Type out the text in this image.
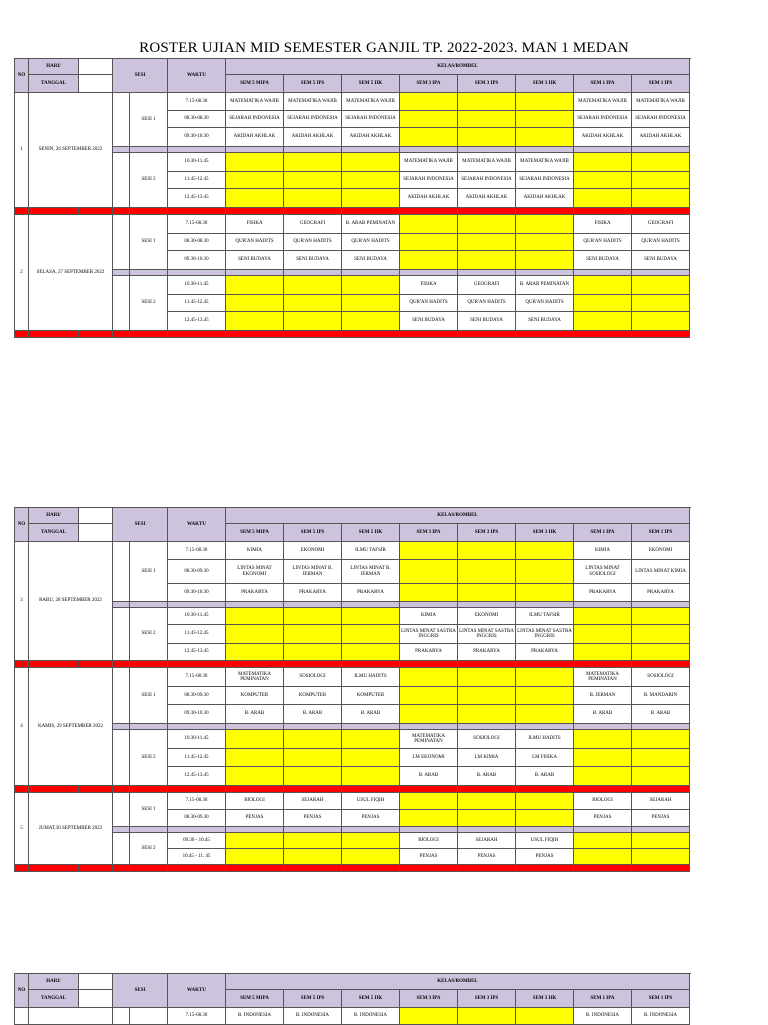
ROSTER UJIAN MID SEMESTER GANJIL TP. 2022-2023. MAN 1 MEDAN
NO	HARI/		SESI		WAKTU	KELAS/ROMBEL								
	TANGGAL					SEM 5 MIPA	SEM 5 IPS	SEM 5 IIK	SEM 3 IPA	SEM 3 IPS	SEM 3 IIK	SEM 1 IPA	SEM 1 IPS	
1	SENIN, 26 SEPTEMBER 2022			SESI 1	7.15-08.30	MATEMATIKA WAJIB	MATEMATIKA WAJIB	MATEMATIKA WAJIB				MATEMATIKA WAJIB	MATEMATIKA WAJIB	
					08.30-08.30	SEJARAH INDONESIA	SEJARAH INDONESIA	SEJARAH INDONESIA				SEJARAH INDONESIA	SEJARAH INDONESIA	
					09.30-10.30	AKIDAH AKHLAK	AKIDAH AKHLAK	AKIDAH AKHLAK				AKIDAH AKHLAK	AKIDAH AKHLAK	

				SESI 2	10.30-11.45				MATEMATIKA WAJIB	MATEMATIKA WAJIB	MATEMATIKA WAJIB			
					11.45-12.45				SEJARAH INDONESIA	SEJARAH INDONESIA	SEJARAH INDONESIA			
					12.45-13.45				AKIDAH AKHLAK	AKIDAH AKHLAK	AKIDAH AKHLAK			

2	SELASA, 27 SEPTEMBER 2022			SESI 1	7.15-08.30	FISIKA	GEOGRAFI	B. ARAB PEMINATAN				FISIKA	GEOGRAFI	
					08.30-08.30	QUR'AN HADITS	QUR'AN HADITS	QUR'AN HADITS				QUR'AN HADITS	QUR'AN HADITS	
					09.30-10.30	SENI BUDAYA	SENI BUDAYA	SENI BUDAYA				SENI BUDAYA	SENI BUDAYA	

				SESI 2	10.30-11.45				FISIKA	GEOGRAFI	B. ARAB PEMINATAN			
					11.45-12.45				QUR'AN HADITS	QUR'AN HADITS	QUR'AN HADITS			
					12.45-13.45				SENI BUDAYA	SENI BUDAYA	SENI BUDAYA			

NO	HARI/		SESI		WAKTU	KELAS/ROMBEL								
	TANGGAL					SEM 5 MIPA	SEM 5 IPS	SEM 5 IIK	SEM 3 IPA	SEM 3 IPS	SEM 3 IIK	SEM 1 IPA	SEM 1 IPS	
3	RABU, 28 SEPTEMBER 2022			SESI 1	7.15-08.30	KIMIA	EKONOMI	ILMU TAFSIR				KIMIA	EKONOMI	
					08.30-09.30	LINTAS MINAT EKONOMI	LINTAS MINAT B. JERMAN	LINTAS MINAT B. JERMAN				LINTAS MINAT SOSIOLOGI	LINTAS MINAT KIMIA	
					09.30-10.30	PRAKARYA	PRAKARYA	PRAKARYA				PRAKARYA	PRAKARYA	

				SESI 2	10.30-11.45				KIMIA	EKONOMI	ILMU TAFSIR			
					11.45-12.45				LINTAS MINAT SASTRA INGGRIS	LINTAS MINAT SASTRA INGGRIS	LINTAS MINAT SASTRA INGGRIS			
					12.45-13.45				PRAKARYA	PRAKARYA	PRAKARYA			

4	KAMIS, 29 SEPTEMBER 2022			SESI 1	7.15-08.30	MATEMATIKA PEMINATAN	SOSIOLOGI	ILMU HADITS				MATEMATIKA PEMINATAN	SOSIOLOGI	
					08.30-09.30	KOMPUTER	KOMPUTER	KOMPUTER				B. JERMAN	B. MANDARIN	
					09.30-10.30	B. ARAB	B. ARAB	B. ARAB				B. ARAB	B. ARAB	

				SESI 2	10.30-11.45				MATEMATIKA PEMINATAN	SOSIOLOGI	ILMU HADITS			
					11.45-12.45				LM EKONOMI	LM KIMIA	LM FISIKA			
					12.45-13.45				B. ARAB	B. ARAB	B. ARAB			

5	JUMAT,30 SEPTEMBER 2022			SESI 1	7.15-08.30	BIOLOGI	SEJARAH	USUL FIQIH				BIOLOGI	SEJARAH	
					08.30-09.30	PENJAS	PENJAS	PENJAS				PENJAS	PENJAS	

				SESI 2	09.30 - 10.45				BIOLOGI	SEJARAH	USUL FIQIH			
					10.45 - 11. 45				PENJAS	PENJAS	PENJAS			

NO	HARI/		SESI		WAKTU	KELAS/ROMBEL								
	TANGGAL					SEM 5 MIPA	SEM 5 IPS	SEM 5 IIK	SEM 3 IPA	SEM 3 IPS	SEM 3 IIK	SEM 1 IPA	SEM 1 IPS	
					7.15-08.30	B. INDONESIA	B. INDONESIA	B. INDONESIA				B. INDONESIA	B. INDONESIA	
